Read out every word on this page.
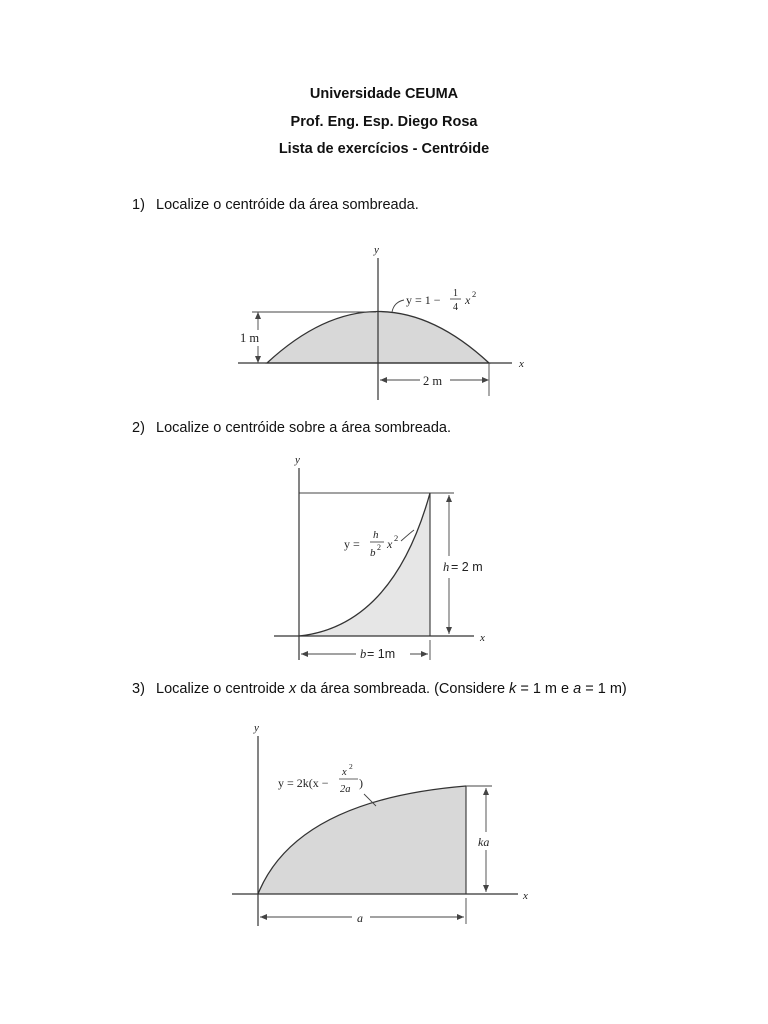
Universidade CEUMA
Prof. Eng. Esp. Diego Rosa
Lista de exercícios - Centróide
1) Localize o centróide da área sombreada.
y
x
1 m
2 m
y = 1 − 1
4
x 2
2) Localize o centróide sobre a área sombreada.
y
x
y =
h
b 2 x 2
h = 2 m
b = 1m
3) Localize o centroide x da área sombreada. (Considere k = 1 m e a = 1 m)
y
x
y = 2k(x −
x
2
2a )
ka
a
